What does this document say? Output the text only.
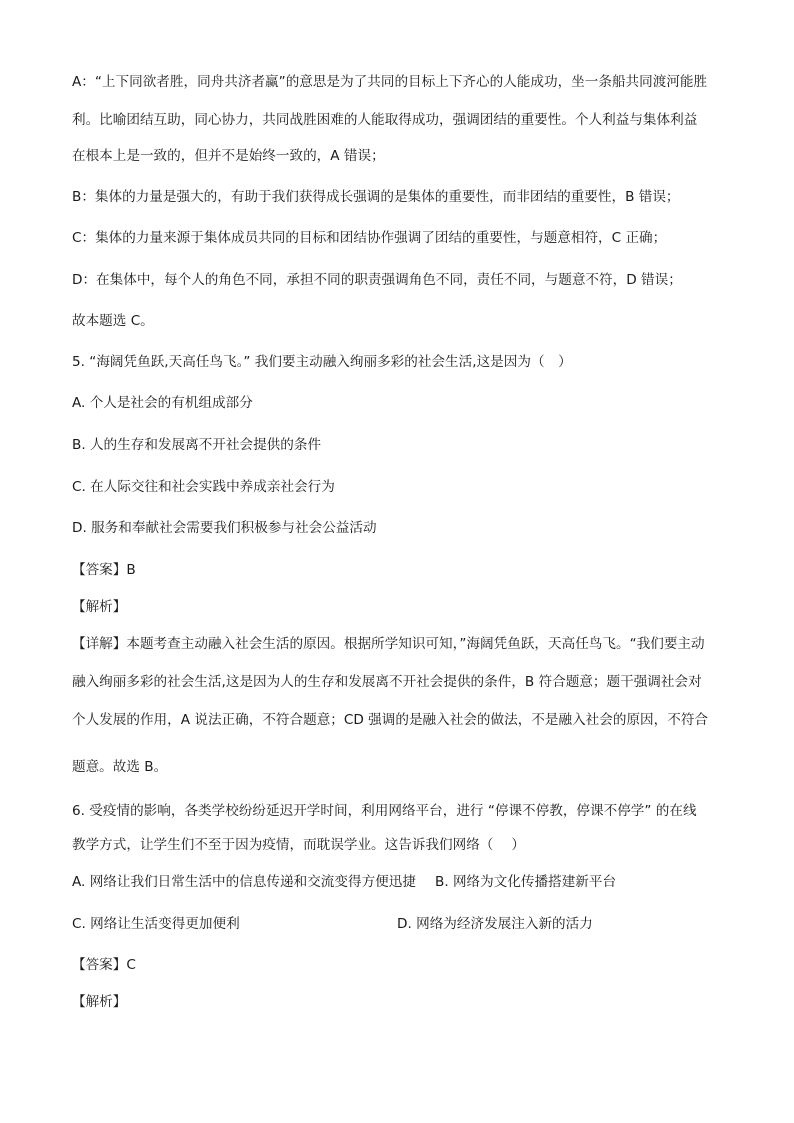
A：“上下同欲者胜，同舟共济者赢”的意思是为了共同的目标上下齐心的人能成功，坐一条船共同渡河能胜
利。比喻团结互助，同心协力，共同战胜困难的人能取得成功，强调团结的重要性。个人利益与集体利益
在根本上是一致的，但并不是始终一致的，A 错误；
B：集体的力量是强大的，有助于我们获得成长强调的是集体的重要性，而非团结的重要性，B 错误；
C：集体的力量来源于集体成员共同的目标和团结协作强调了团结的重要性，与题意相符，C 正确；
D：在集体中，每个人的角色不同，承担不同的职责强调角色不同，责任不同，与题意不符，D 错误；
故本题选 C。
5. “海阔凭鱼跃,天高任鸟飞。” 我们要主动融入绚丽多彩的社会生活,这是因为（　）
A. 个人是社会的有机组成部分
B. 人的生存和发展离不开社会提供的条件
C. 在人际交往和社会实践中养成亲社会行为
D. 服务和奉献社会需要我们积极参与社会公益活动
【答案】B
【解析】
【详解】本题考查主动融入社会生活的原因。根据所学知识可知，”海阔凭鱼跃，天高任鸟飞。“我们要主动
融入绚丽多彩的社会生活,这是因为人的生存和发展离不开社会提供的条件，B 符合题意；题干强调社会对
个人发展的作用，A 说法正确，不符合题意；CD 强调的是融入社会的做法，不是融入社会的原因，不符合
题意。故选 B。
6. 受疫情的影响，各类学校纷纷延迟开学时间，利用网络平台，进行 “停课不停教，停课不停学” 的在线
教学方式，让学生们不至于因为疫情，而耽误学业。这告诉我们网络（　 ）
A. 网络让我们日常生活中的信息传递和交流变得方便迅捷 B. 网络为文化传播搭建新平台
C. 网络让生活变得更加便利	D. 网络为经济发展注入新的活力
【答案】C
【解析】
